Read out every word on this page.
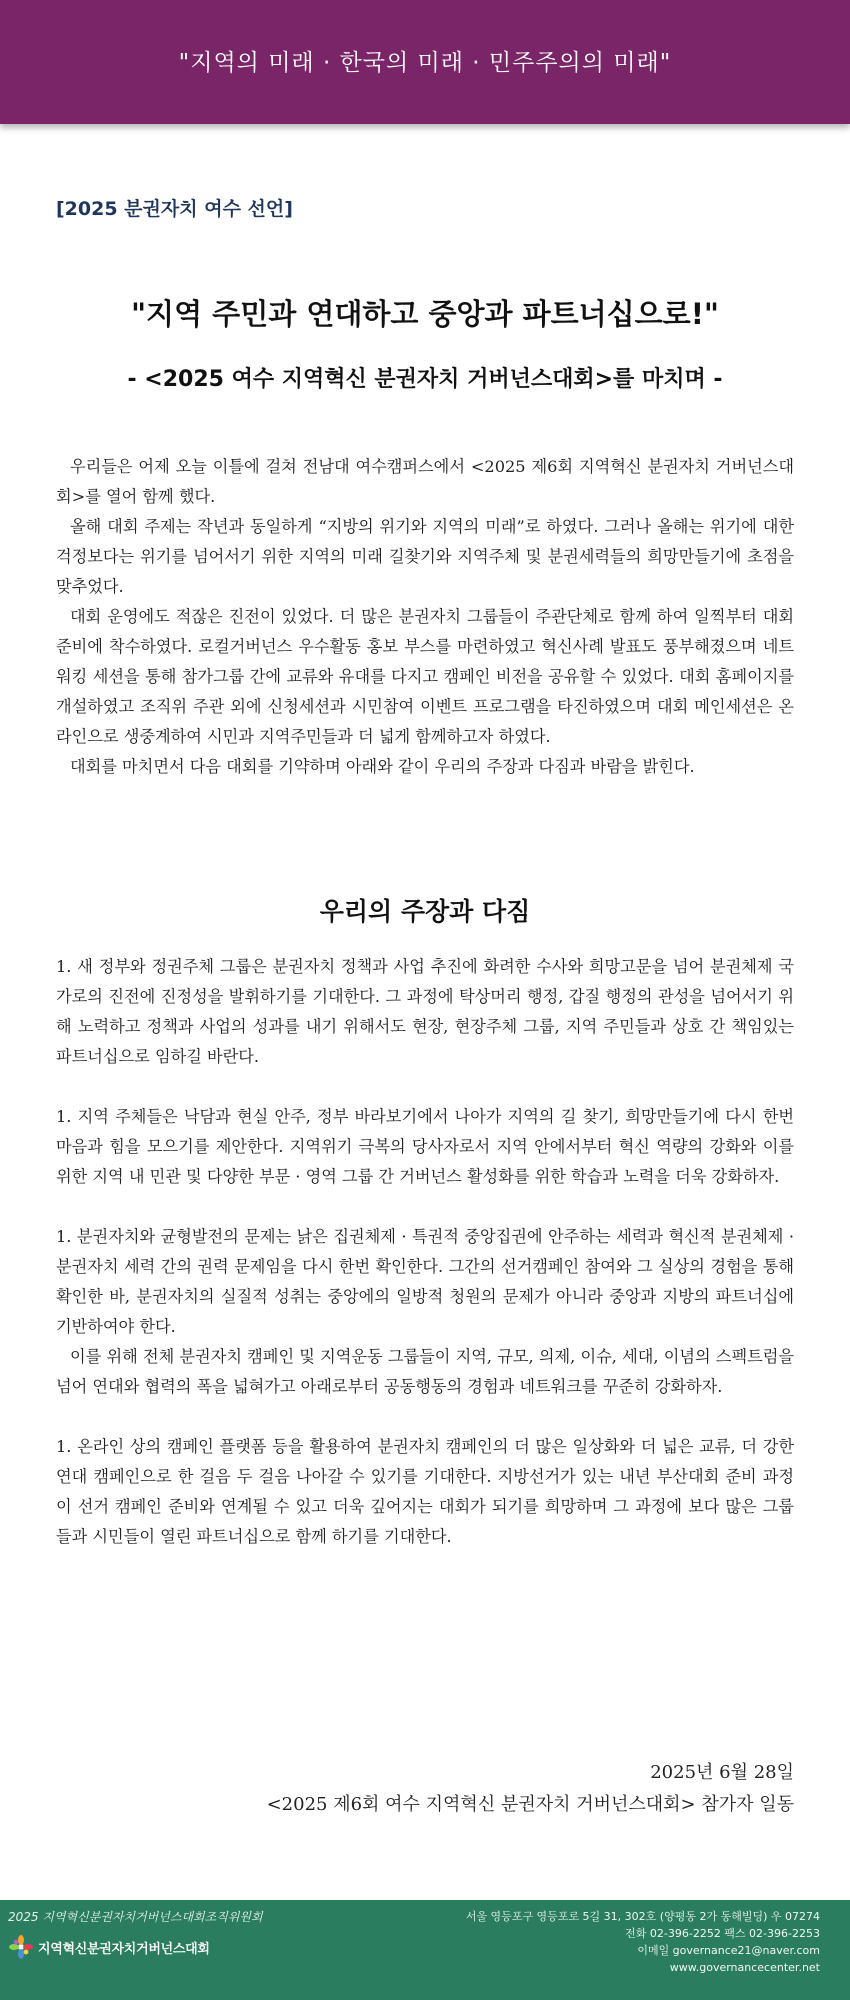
"지역의 미래 · 한국의 미래 · 민주주의의 미래"
[2025 분권자치 여수 선언]
"지역 주민과 연대하고 중앙과 파트너십으로!"
- <2025 여수 지역혁신 분권자치 거버넌스대회>를 마치며 -

우리들은 어제 오늘 이틀에 걸쳐 전남대 여수캠퍼스에서 <2025 제6회 지역혁신 분권자치 거버넌스대회>를 열어 함께 했다.

올해 대회 주제는 작년과 동일하게 “지방의 위기와 지역의 미래”로 하였다. 그러나 올해는 위기에 대한 걱정보다는 위기를 넘어서기 위한 지역의 미래 길찾기와 지역주체 및 분권세력들의 희망만들기에 초점을 맞추었다.

대회 운영에도 적잖은 진전이 있었다. 더 많은 분권자치 그룹들이 주관단체로 함께 하여 일찍부터 대회 준비에 착수하였다. 로컬거버넌스 우수활동 홍보 부스를 마련하였고 혁신사례 발표도 풍부해졌으며 네트워킹 세션을 통해 참가그룹 간에 교류와 유대를 다지고 캠페인 비전을 공유할 수 있었다. 대회 홈페이지를 개설하였고 조직위 주관 외에 신청세션과 시민참여 이벤트 프로그램을 타진하였으며 대회 메인세션은 온라인으로 생중계하여 시민과 지역주민들과 더 넓게 함께하고자 하였다.

대회를 마치면서 다음 대회를 기약하며 아래와 같이 우리의 주장과 다짐과 바람을 밝힌다.

우리의 주장과 다짐

1. 새 정부와 정권주체 그룹은 분권자치 정책과 사업 추진에 화려한 수사와 희망고문을 넘어 분권체제 국가로의 진전에 진정성을 발휘하기를 기대한다. 그 과정에 탁상머리 행정, 갑질 행정의 관성을 넘어서기 위해 노력하고 정책과 사업의 성과를 내기 위해서도 현장, 현장주체 그룹, 지역 주민들과 상호 간 책임있는 파트너십으로 임하길 바란다.

1. 지역 주체들은 낙담과 현실 안주, 정부 바라보기에서 나아가 지역의 길 찾기, 희망만들기에 다시 한번 마음과 힘을 모으기를 제안한다. 지역위기 극복의 당사자로서 지역 안에서부터 혁신 역량의 강화와 이를 위한 지역 내 민관 및 다양한 부문 · 영역 그룹 간 거버넌스 활성화를 위한 학습과 노력을 더욱 강화하자.

1. 분권자치와 균형발전의 문제는 낡은 집권체제 · 특권적 중앙집권에 안주하는 세력과 혁신적 분권체제 · 분권자치 세력 간의 권력 문제임을 다시 한번 확인한다. 그간의 선거캠페인 참여와 그 실상의 경험을 통해 확인한 바, 분권자치의 실질적 성취는 중앙에의 일방적 청원의 문제가 아니라 중앙과 지방의 파트너십에 기반하여야 한다.

이를 위해 전체 분권자치 캠페인 및 지역운동 그룹들이 지역, 규모, 의제, 이슈, 세대, 이념의 스펙트럼을 넘어 연대와 협력의 폭을 넓혀가고 아래로부터 공동행동의 경험과 네트워크를 꾸준히 강화하자.

1. 온라인 상의 캠페인 플랫폼 등을 활용하여 분권자치 캠페인의 더 많은 일상화와 더 넓은 교류, 더 강한 연대 캠페인으로 한 걸음 두 걸음 나아갈 수 있기를 기대한다. 지방선거가 있는 내년 부산대회 준비 과정이 선거 캠페인 준비와 연계될 수 있고 더욱 깊어지는 대회가 되기를 희망하며 그 과정에 보다 많은 그룹들과 시민들이 열린 파트너십으로 함께 하기를 기대한다.

2025년 6월 28일
<2025 제6회 여수 지역혁신 분권자치 거버넌스대회> 참가자 일동
2025 지역혁신분권자치거버넌스대회조직위원회
지역혁신분권자치거버넌스대회
서울 영등포구 영등포로 5길 31, 302호 (양평동 2가 동해빌딩) 우 07274
전화 02-396-2252 팩스 02-396-2253
이메일 governance21@naver.com
www.governancecenter.net
